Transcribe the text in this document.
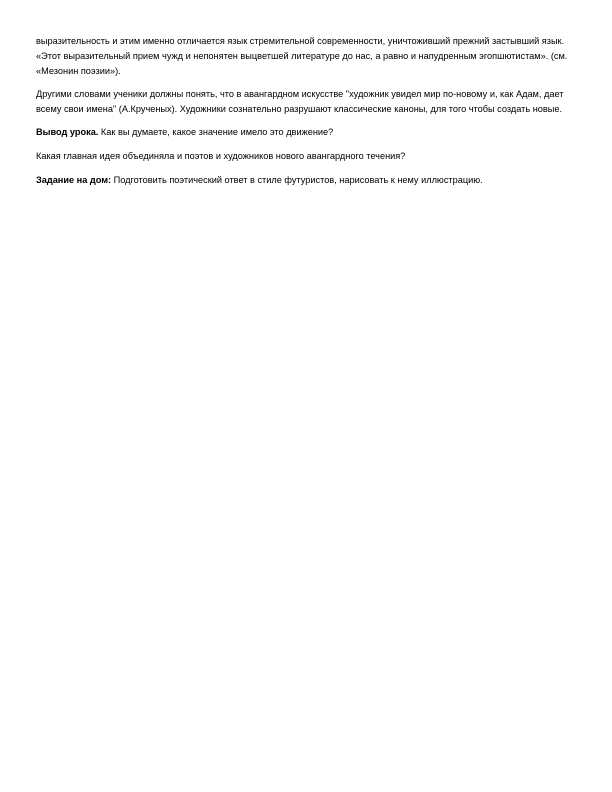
выразительность и этим именно отличается язык стремительной современности, уничтоживший прежний застывший язык. «Этот выразительный прием чужд и непонятен выцветшей литературе до нас, а равно и напудренным эгопшютистам». (см. «Мезонин поэзии»).

Другими словами ученики должны понять, что в авангардном искусстве "художник увидел мир по-новому и, как Адам, дает всему свои имена" (А.Крученых). Художники сознательно разрушают классические каноны, для того чтобы создать новые.

Вывод урока. Как вы думаете, какое значение имело это движение?

Какая главная идея объединяла и поэтов и художников нового авангардного течения?

Задание на дом: Подготовить поэтический ответ в стиле футуристов, нарисовать к нему иллюстрацию.
